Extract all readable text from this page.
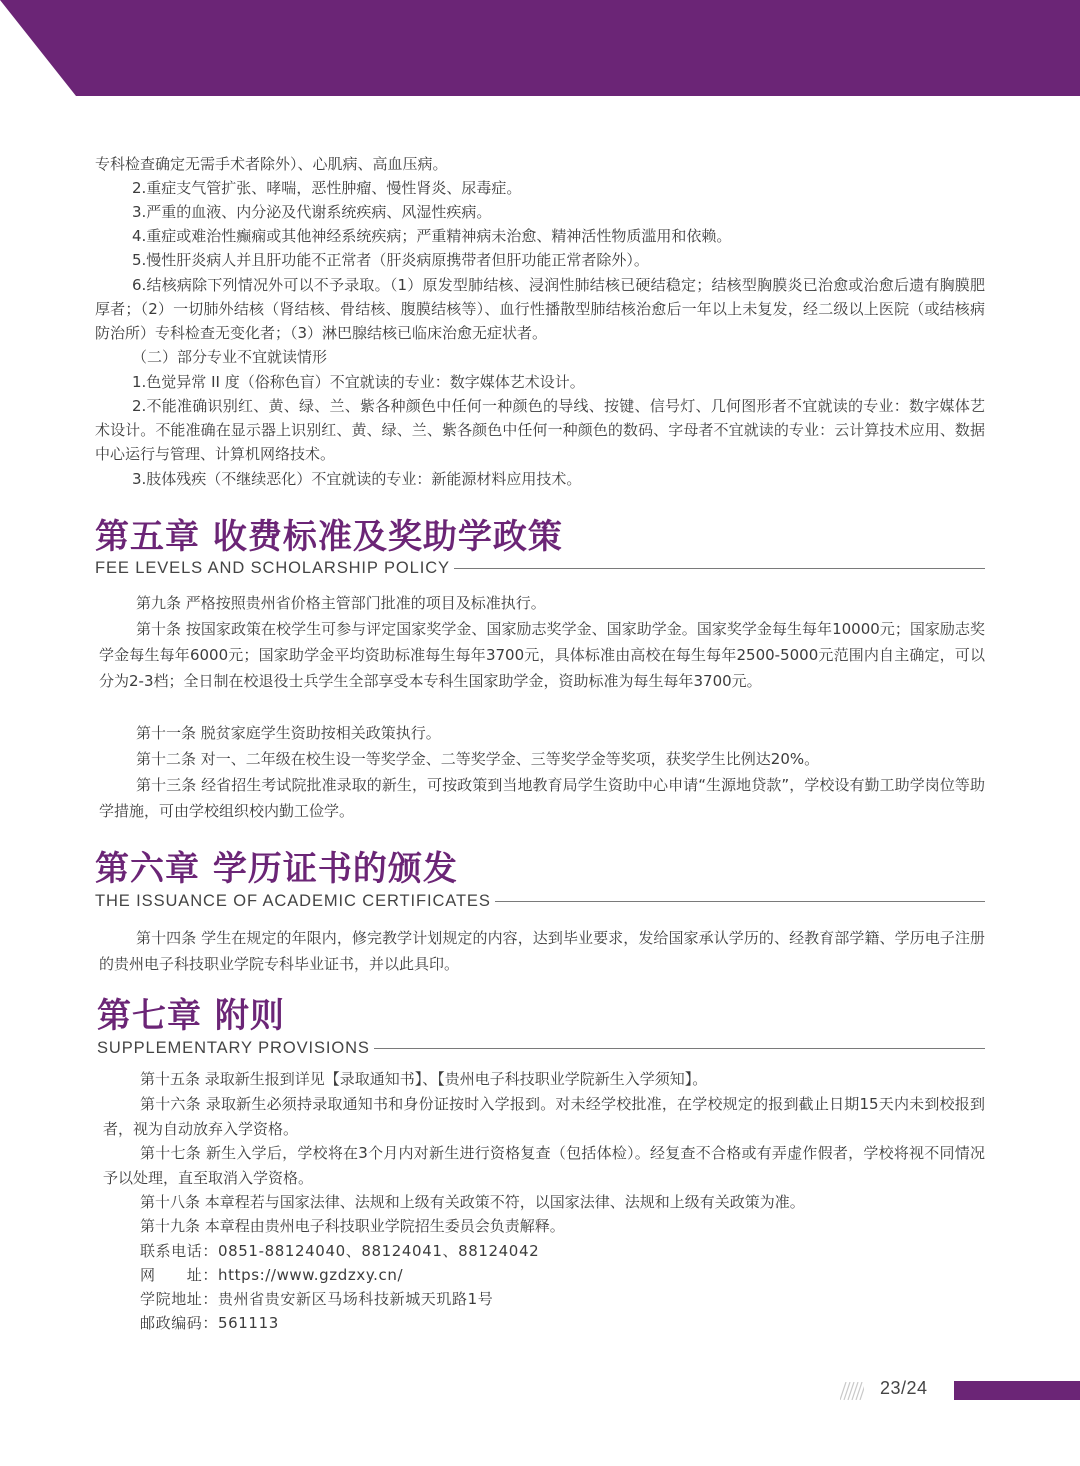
专科检查确定无需手术者除外）、心肌病、高血压病。

2.重症支气管扩张、哮喘，恶性肿瘤、慢性肾炎、尿毒症。

3.严重的血液、内分泌及代谢系统疾病、风湿性疾病。

4.重症或难治性癫痫或其他神经系统疾病；严重精神病未治愈、精神活性物质滥用和依赖。

5.慢性肝炎病人并且肝功能不正常者（肝炎病原携带者但肝功能正常者除外）。

6.结核病除下列情况外可以不予录取。（1）原发型肺结核、浸润性肺结核已硬结稳定；结核型胸膜炎已治愈或治愈后遗有胸膜肥厚者；（2）一切肺外结核（肾结核、骨结核、腹膜结核等）、血行性播散型肺结核治愈后一年以上未复发，经二级以上医院（或结核病防治所）专科检查无变化者；（3）淋巴腺结核已临床治愈无症状者。

（二）部分专业不宜就读情形

1.色觉异常 II 度（俗称色盲）不宜就读的专业：数字媒体艺术设计。

2.不能准确识别红、黄、绿、兰、紫各种颜色中任何一种颜色的导线、按键、信号灯、几何图形者不宜就读的专业：数字媒体艺术设计。不能准确在显示器上识别红、黄、绿、兰、紫各颜色中任何一种颜色的数码、字母者不宜就读的专业：云计算技术应用、数据中心运行与管理、计算机网络技术。

3.肢体残疾（不继续恶化）不宜就读的专业：新能源材料应用技术。

第五章 收费标准及奖助学政策
FEE LEVELS AND SCHOLARSHIP POLICY

第九条 严格按照贵州省价格主管部门批准的项目及标准执行。

第十条 按国家政策在校学生可参与评定国家奖学金、国家励志奖学金、国家助学金。国家奖学金每生每年10000元；国家励志奖学金每生每年6000元；国家助学金平均资助标准每生每年3700元，具体标准由高校在每生每年2500-5000元范围内自主确定，可以分为2-3档；全日制在校退役士兵学生全部享受本专科生国家助学金，资助标准为每生每年3700元。

第十一条 脱贫家庭学生资助按相关政策执行。

第十二条 对一、二年级在校生设一等奖学金、二等奖学金、三等奖学金等奖项，获奖学生比例达20%。

第十三条 经省招生考试院批准录取的新生，可按政策到当地教育局学生资助中心申请“生源地贷款”，学校设有勤工助学岗位等助学措施，可由学校组织校内勤工俭学。

第六章 学历证书的颁发
THE ISSUANCE OF ACADEMIC CERTIFICATES

第十四条 学生在规定的年限内，修完教学计划规定的内容，达到毕业要求，发给国家承认学历的、经教育部学籍、学历电子注册的贵州电子科技职业学院专科毕业证书，并以此具印。

第七章 附则
SUPPLEMENTARY PROVISIONS

第十五条 录取新生报到详见【录取通知书】、【贵州电子科技职业学院新生入学须知】。

第十六条 录取新生必须持录取通知书和身份证按时入学报到。对未经学校批准，在学校规定的报到截止日期15天内未到校报到者，视为自动放弃入学资格。

第十七条 新生入学后，学校将在3个月内对新生进行资格复查（包括体检）。经复查不合格或有弄虚作假者，学校将视不同情况予以处理，直至取消入学资格。

第十八条 本章程若与国家法律、法规和上级有关政策不符，以国家法律、法规和上级有关政策为准。

第十九条 本章程由贵州电子科技职业学院招生委员会负责解释。

联系电话：0851-88124040、88124041、88124042

网　　址：https://www.gzdzxy.cn/

学院地址：贵州省贵安新区马场科技新城天玑路1号

邮政编码：561113

23/24
